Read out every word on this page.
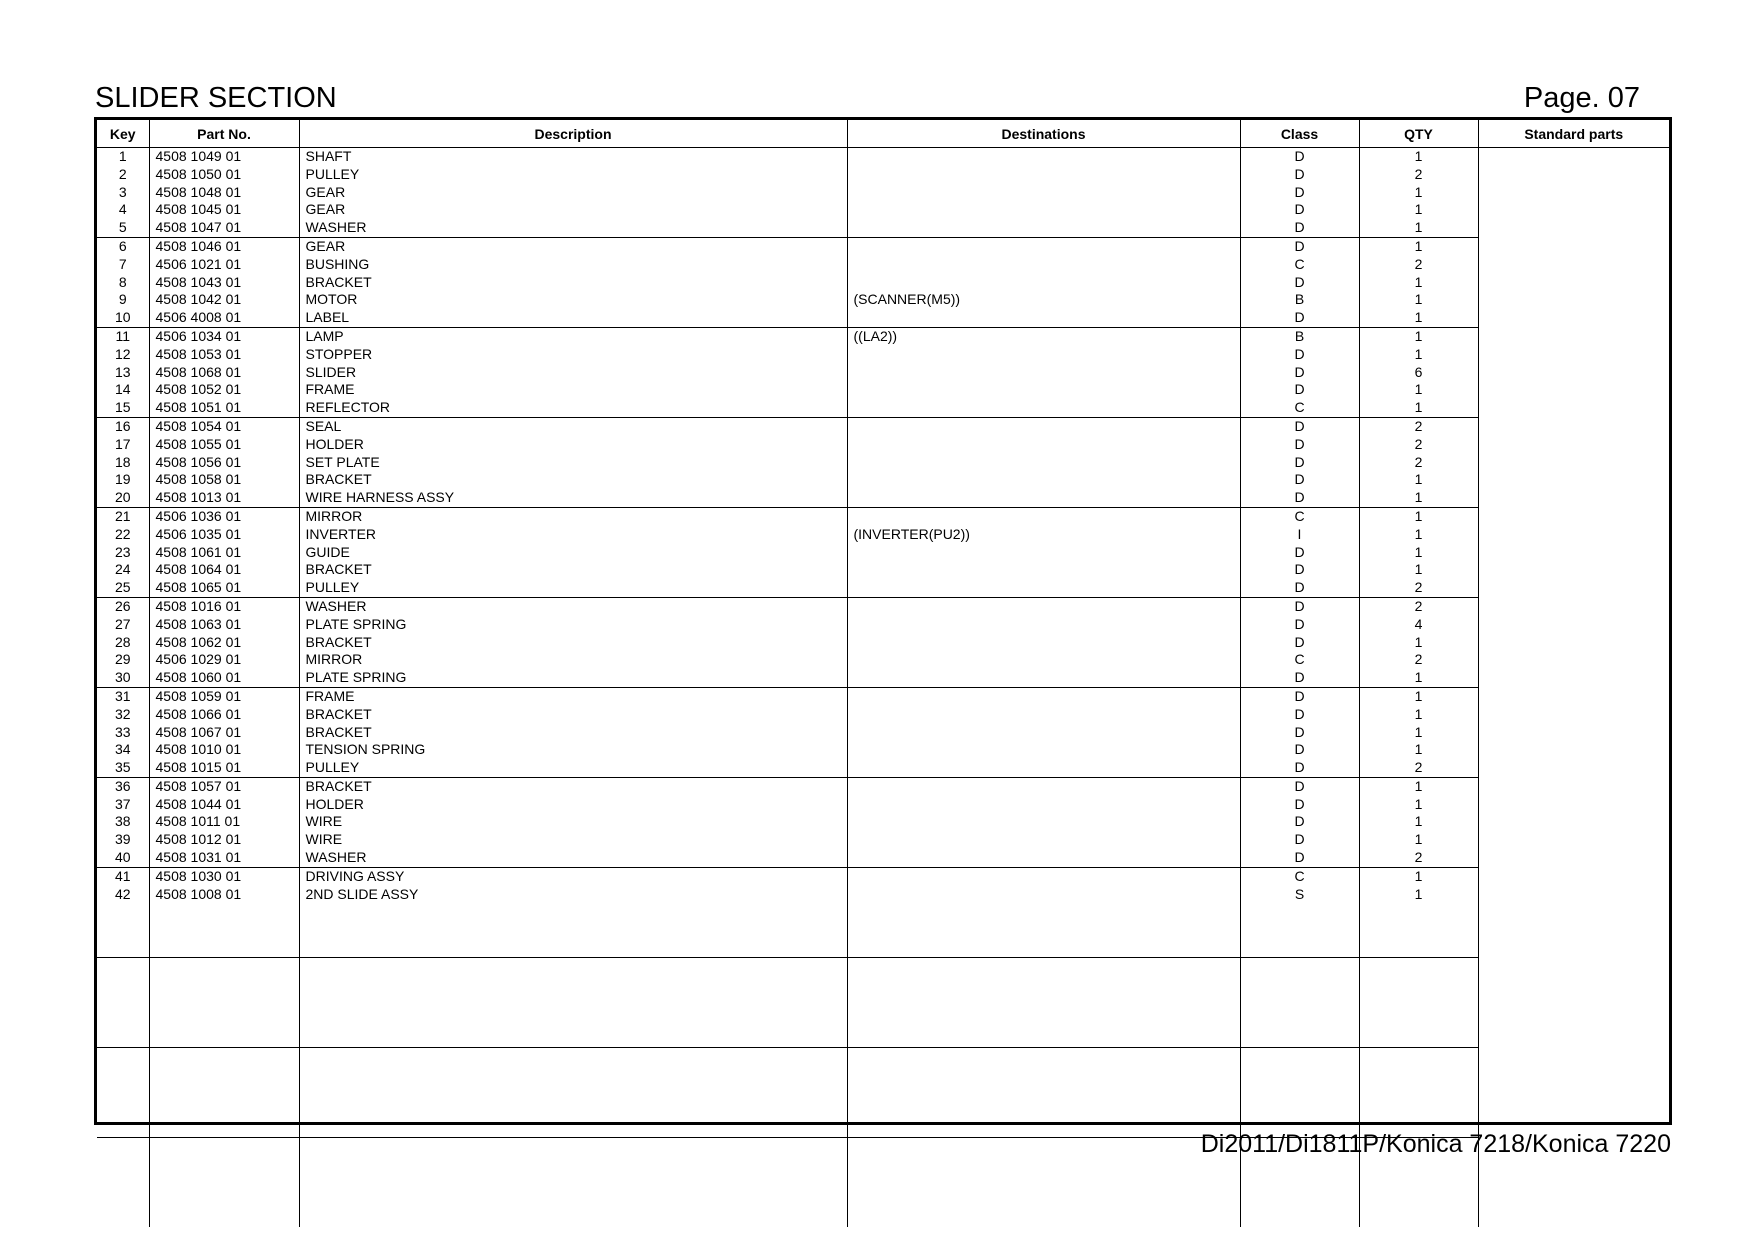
SLIDER SECTION	Page. 07
Key	Part No.	Description	Destinations	Class	QTY	Standard parts
1	4508 1049 01	SHAFT		D	1	
2	4508 1050 01	PULLEY		D	2	
3	4508 1048 01	GEAR		D	1	
4	4508 1045 01	GEAR		D	1	
5	4508 1047 01	WASHER		D	1	
6	4508 1046 01	GEAR		D	1	
7	4506 1021 01	BUSHING		C	2	
8	4508 1043 01	BRACKET		D	1	
9	4508 1042 01	MOTOR	(SCANNER(M5))	B	1	
10	4506 4008 01	LABEL		D	1	
11	4506 1034 01	LAMP	((LA2))	B	1	
12	4508 1053 01	STOPPER		D	1	
13	4508 1068 01	SLIDER		D	6	
14	4508 1052 01	FRAME		D	1	
15	4508 1051 01	REFLECTOR		C	1	
16	4508 1054 01	SEAL		D	2	
17	4508 1055 01	HOLDER		D	2	
18	4508 1056 01	SET PLATE		D	2	
19	4508 1058 01	BRACKET		D	1	
20	4508 1013 01	WIRE HARNESS ASSY		D	1	
21	4506 1036 01	MIRROR		C	1	
22	4506 1035 01	INVERTER	(INVERTER(PU2))	I	1	
23	4508 1061 01	GUIDE		D	1	
24	4508 1064 01	BRACKET		D	1	
25	4508 1065 01	PULLEY		D	2	
26	4508 1016 01	WASHER		D	2	
27	4508 1063 01	PLATE SPRING		D	4	
28	4508 1062 01	BRACKET		D	1	
29	4506 1029 01	MIRROR		C	2	
30	4508 1060 01	PLATE SPRING		D	1	
31	4508 1059 01	FRAME		D	1	
32	4508 1066 01	BRACKET		D	1	
33	4508 1067 01	BRACKET		D	1	
34	4508 1010 01	TENSION SPRING		D	1	
35	4508 1015 01	PULLEY		D	2	
36	4508 1057 01	BRACKET		D	1	
37	4508 1044 01	HOLDER		D	1	
38	4508 1011 01	WIRE		D	1	
39	4508 1012 01	WIRE		D	1	
40	4508 1031 01	WASHER		D	2	
41	4508 1030 01	DRIVING ASSY		C	1	
42	4508 1008 01	2ND SLIDE ASSY		S	1	

Di2011/Di1811P/Konica 7218/Konica 7220
